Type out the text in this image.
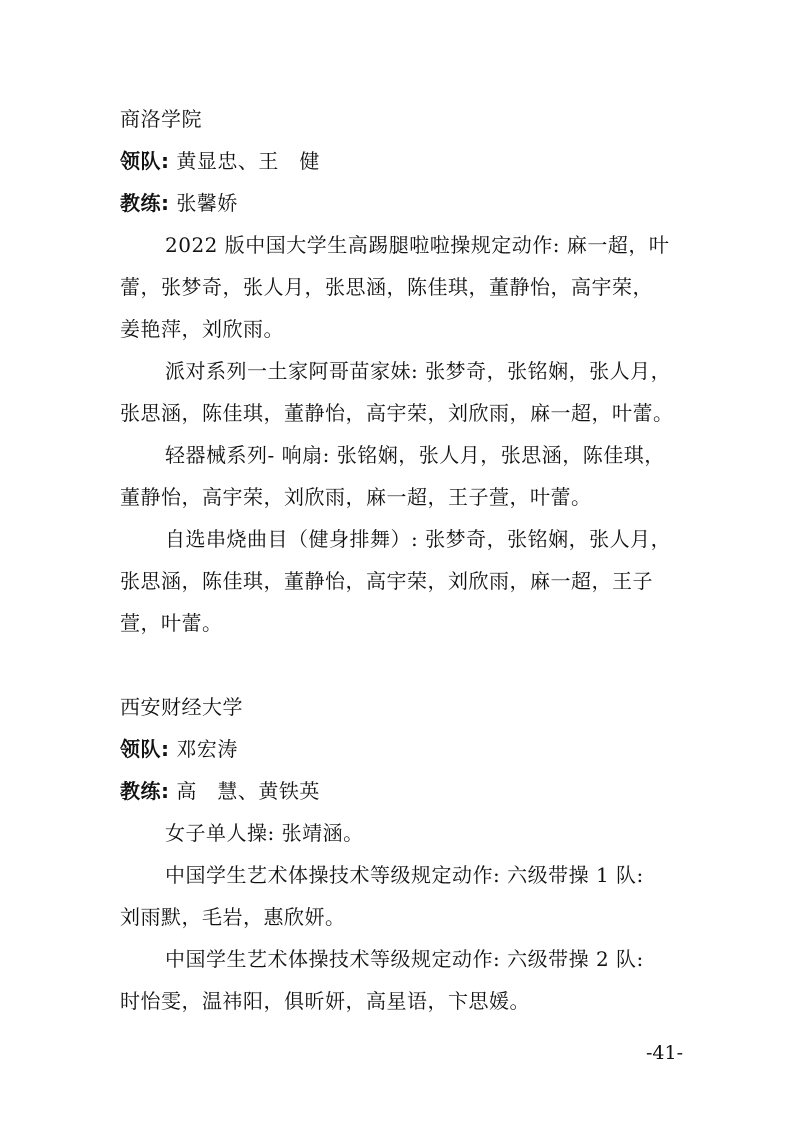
商洛学院
领队: 黄显忠、王　健
教练: 张馨娇
2022 版中国大学生高踢腿啦啦操规定动作: 麻一超，叶
蕾，张梦奇，张人月，张思涵，陈佳琪，董静怡，高宇荣，
姜艳萍，刘欣雨。
派对系列一土家阿哥苗家妹: 张梦奇，张铭娴，张人月，
张思涵，陈佳琪，董静怡，高宇荣，刘欣雨，麻一超，叶蕾。
轻器械系列- 响扇: 张铭娴，张人月，张思涵，陈佳琪，
董静怡，高宇荣，刘欣雨，麻一超，王子萱，叶蕾。
自选串烧曲目（健身排舞）: 张梦奇，张铭娴，张人月，
张思涵，陈佳琪，董静怡，高宇荣，刘欣雨，麻一超，王子
萱，叶蕾。
西安财经大学
领队: 邓宏涛
教练: 高　慧、黄铁英
女子单人操: 张靖涵。
中国学生艺术体操技术等级规定动作: 六级带操 1 队:
刘雨默，毛岩，惠欣妍。
中国学生艺术体操技术等级规定动作: 六级带操 2 队:
时怡雯，温祎阳，俱昕妍，高星语，卞思媛。
-41-
